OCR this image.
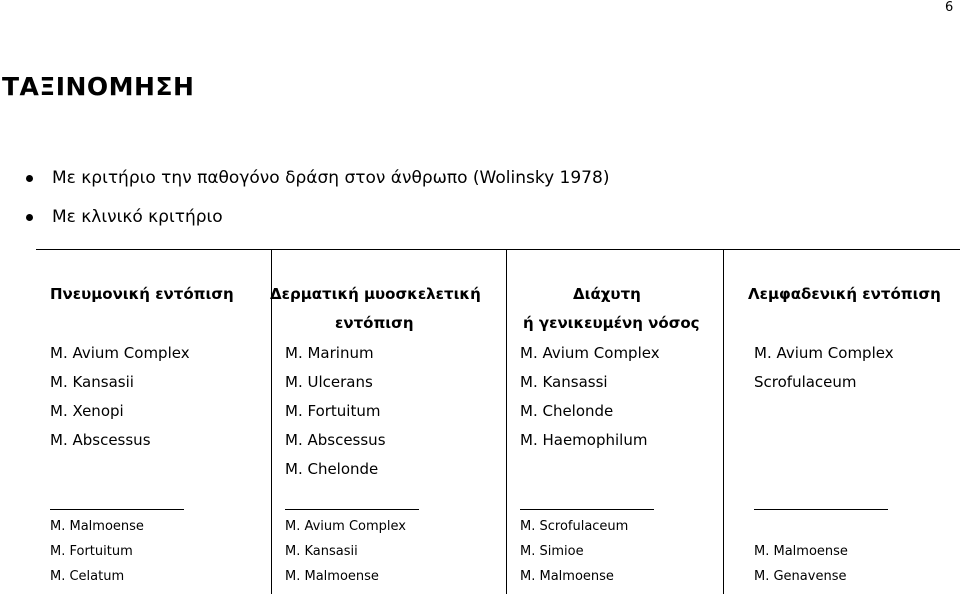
6
ΤΑΞΙΝΟΜΗΣΗ
Με κριτήριο την παθογόνο δράση στον άνθρωπο (Wolinsky 1978)
Με κλινικό κριτήριο
Πνευμονική εντόπιση
M. Avium Complex
M. Kansasii
M. Xenopi
M. Abscessus
M. Malmoense
M. Fortuitum
M. Celatum
Δερματική μυοσκελετική
εντόπιση
M. Marinum
M. Ulcerans
M. Fortuitum
M. Abscessus
M. Chelonde
M. Avium Complex
M. Kansasii
M. Malmoense
Διάχυτη
ή γενικευμένη νόσος
M. Avium Complex
M. Kansassi
M. Chelonde
M. Haemophilum
M. Scrofulaceum
M. Simioe
M. Malmoense
Λεμφαδενική εντόπιση
M. Avium Complex
Scrofulaceum
M. Malmoense
M. Genavense
